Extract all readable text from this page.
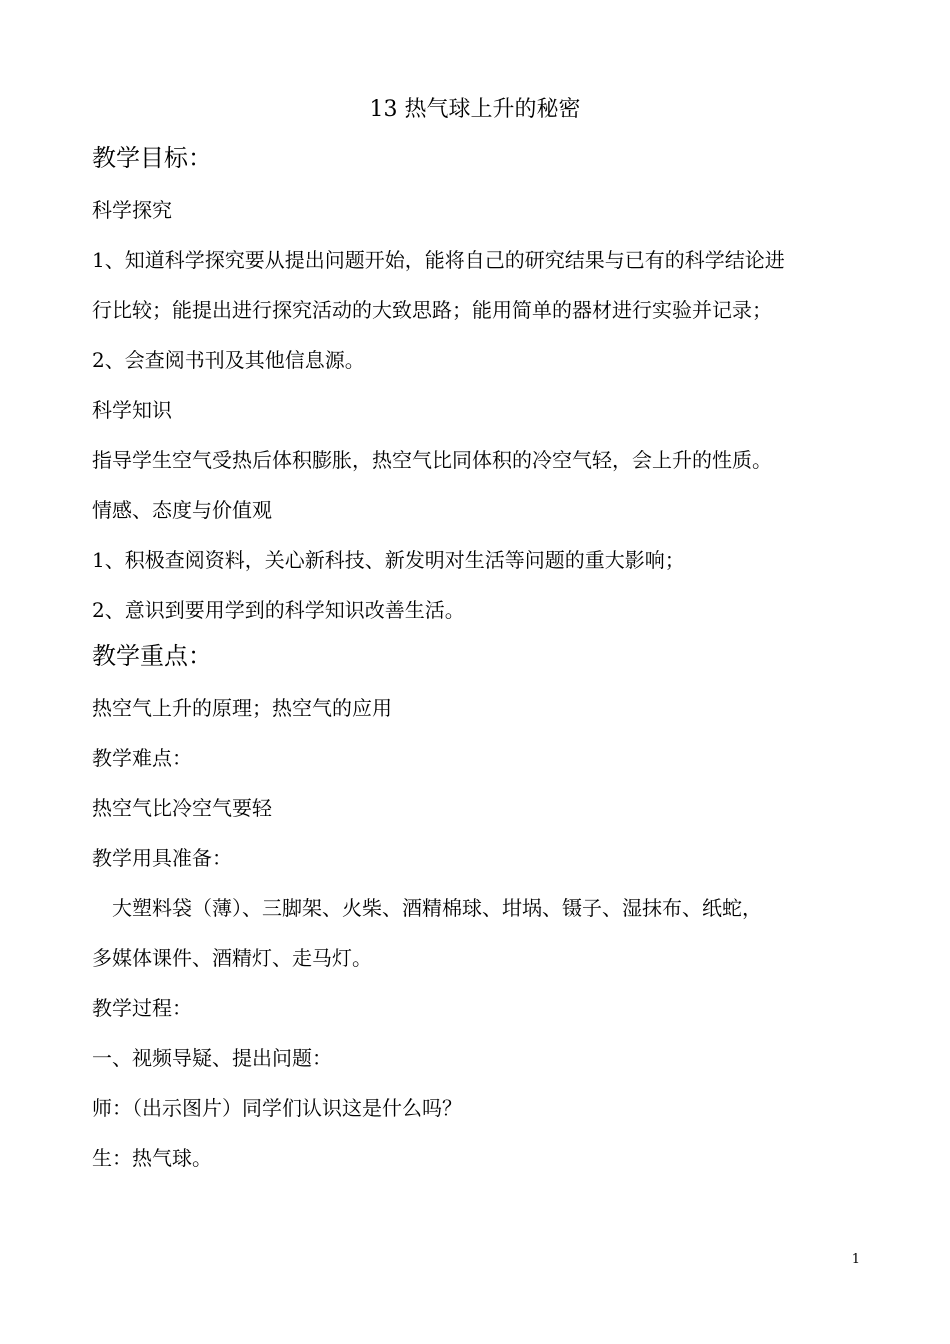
13 热气球上升的秘密
教学目标：
科学探究
1、知道科学探究要从提出问题开始，能将自己的研究结果与已有的科学结论进
行比较；能提出进行探究活动的大致思路；能用简单的器材进行实验并记录；
2、会查阅书刊及其他信息源。
科学知识
指导学生空气受热后体积膨胀，热空气比同体积的冷空气轻，会上升的性质。
情感、态度与价值观
1、积极查阅资料，关心新科技、新发明对生活等问题的重大影响；
2、意识到要用学到的科学知识改善生活。
教学重点：
热空气上升的原理；热空气的应用
教学难点：
热空气比冷空气要轻
教学用具准备：
大塑料袋（薄）、三脚架、火柴、酒精棉球、坩埚、镊子、湿抹布、纸蛇，
多媒体课件、酒精灯、走马灯。
教学过程：
一、视频导疑、提出问题：
师：（出示图片）同学们认识这是什么吗？
生：热气球。
1
